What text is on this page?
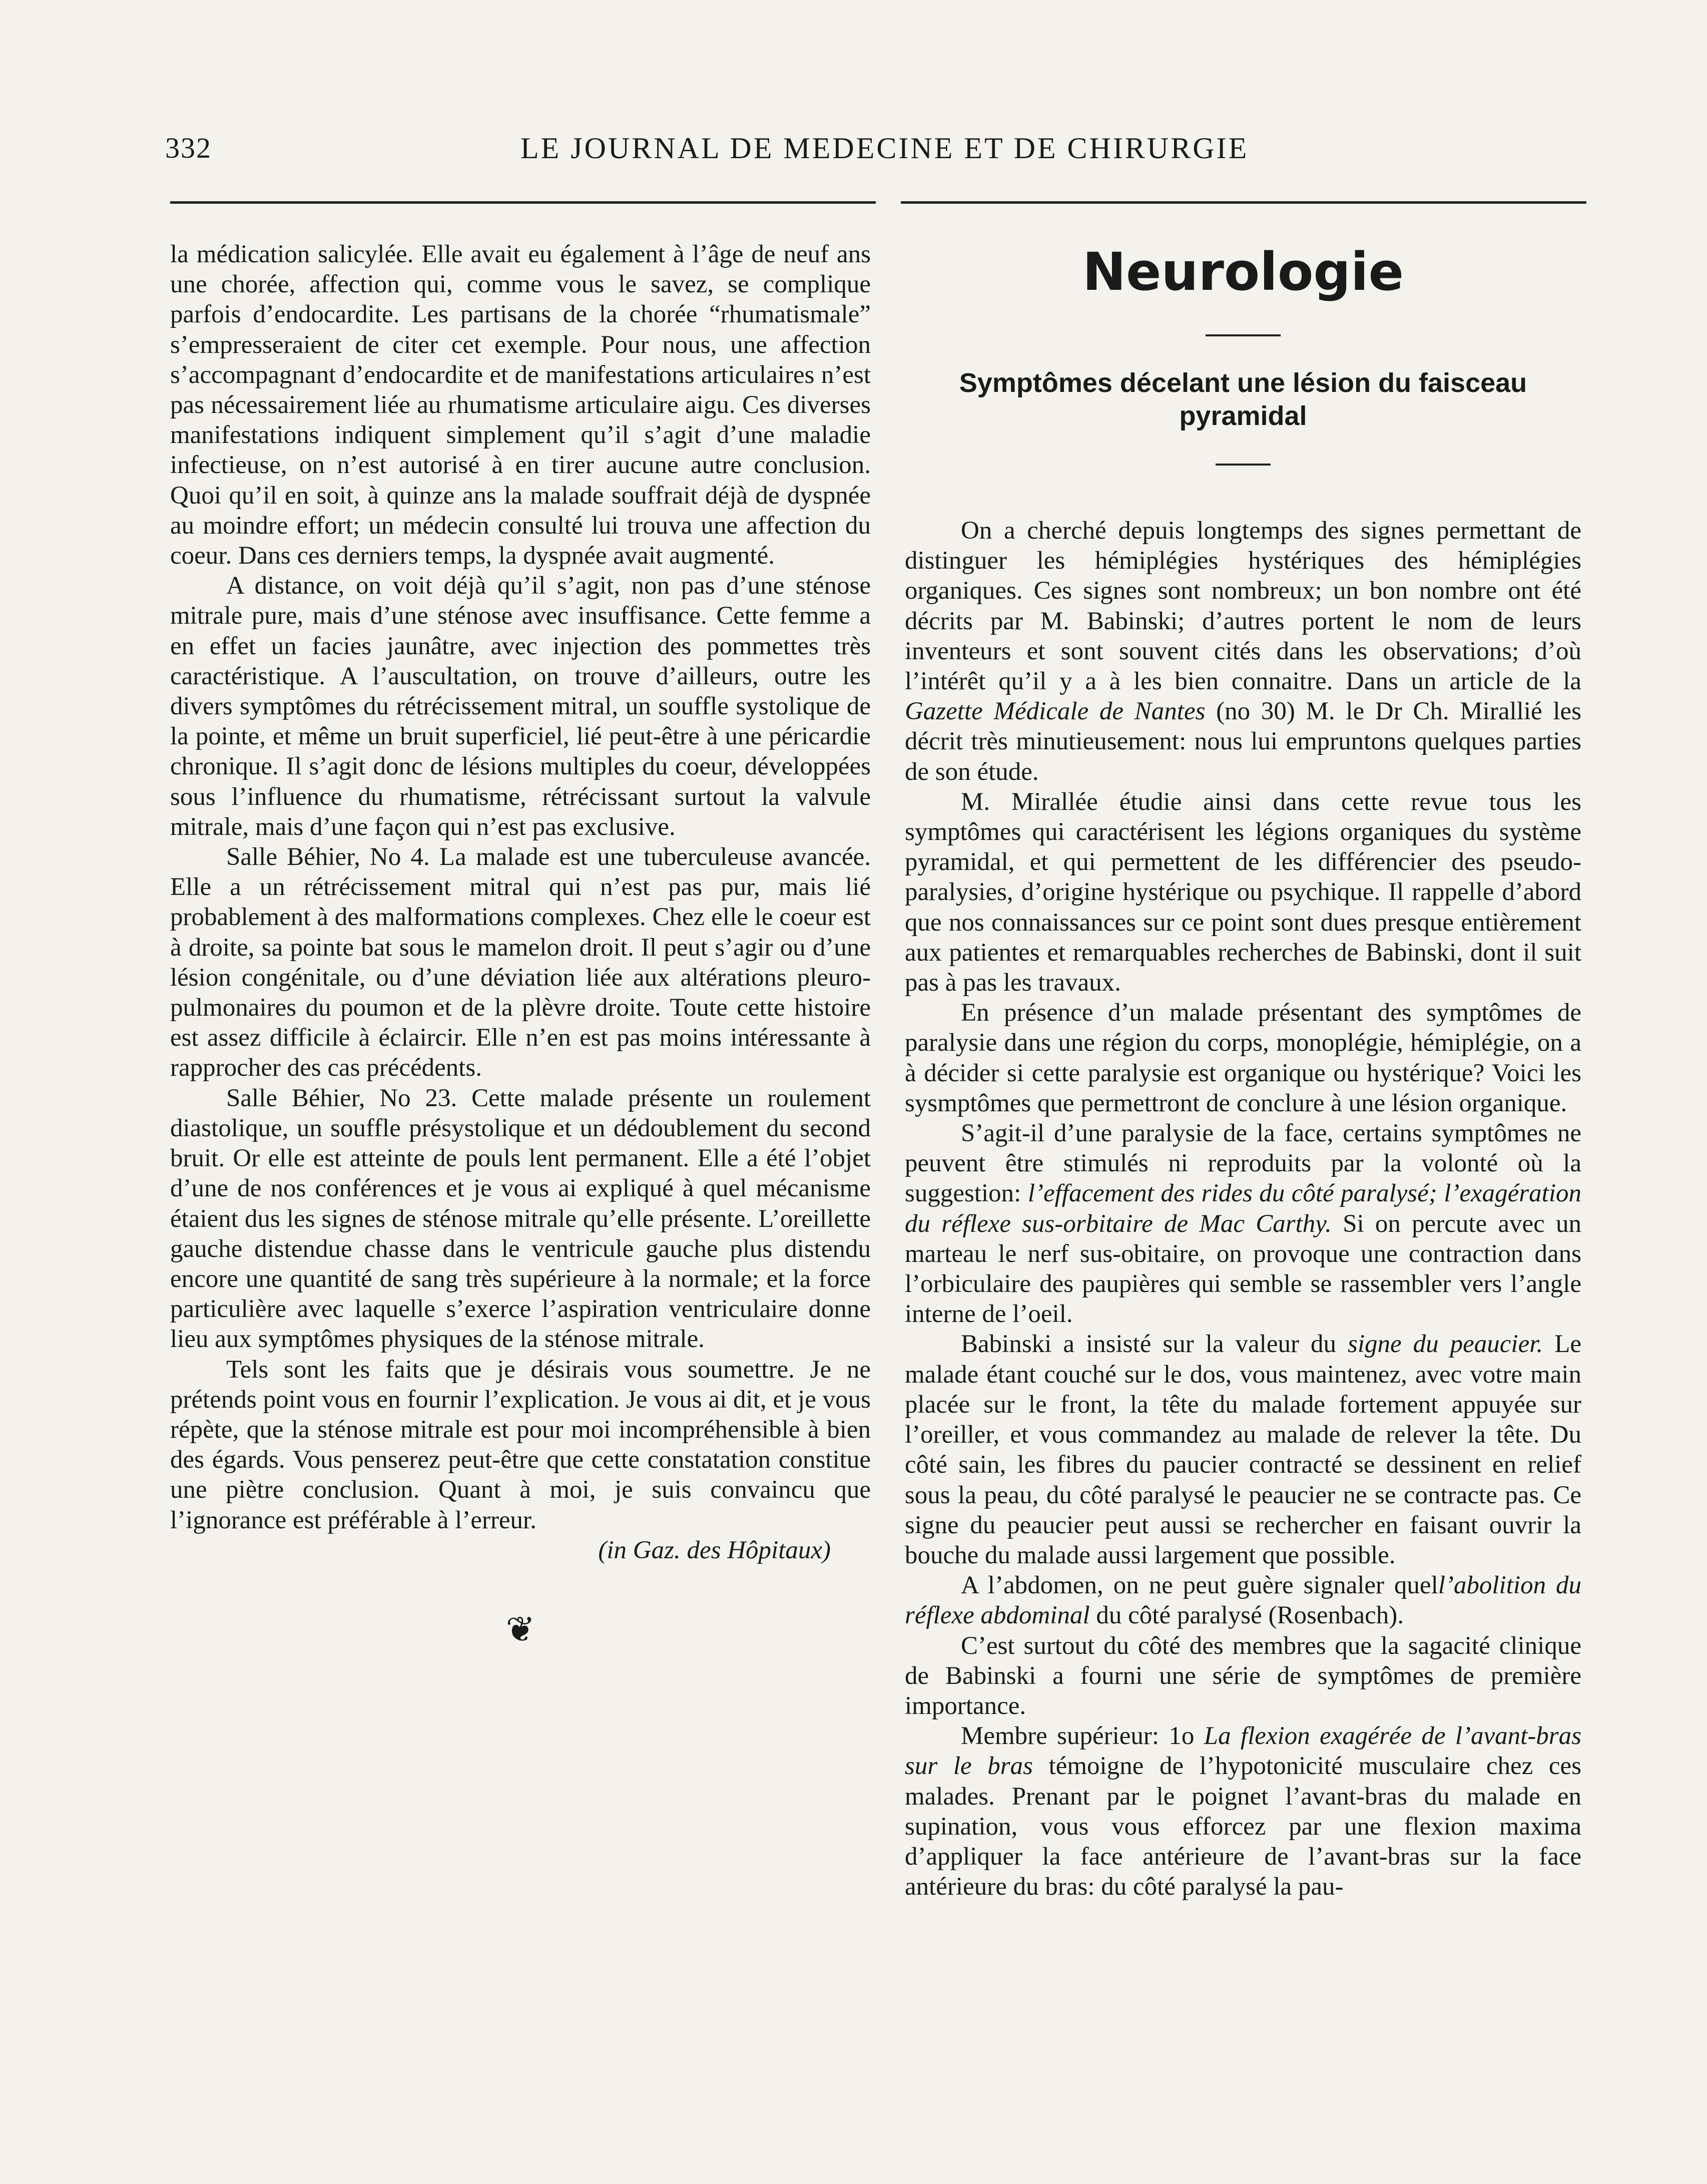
332	LE JOURNAL DE MEDECINE ET DE CHIRURGIE

la médication salicylée. Elle avait eu également à l’âge de neuf ans une chorée, affection qui, comme vous le savez, se complique parfois d’endocardite. Les partisans de la chorée “rhumatismale” s’empresseraient de citer cet exemple. Pour nous, une affection s’accompagnant d’endocardite et de manifestations articulaires n’est pas nécessairement liée au rhumatisme articulaire aigu. Ces diverses manifestations indiquent simplement qu’il s’agit d’une maladie infectieuse, on n’est autorisé à en tirer aucune autre conclusion. Quoi qu’il en soit, à quinze ans la malade souffrait déjà de dyspnée au moindre effort; un médecin consulté lui trouva une affection du coeur. Dans ces derniers temps, la dyspnée avait augmenté.

A distance, on voit déjà qu’il s’agit, non pas d’une sténose mitrale pure, mais d’une sténose avec insuffisance. Cette femme a en effet un facies jaunâtre, avec injection des pommettes très caractéristique. A l’auscultation, on trouve d’ailleurs, outre les divers symptômes du rétrécissement mitral, un souffle systolique de la pointe, et même un bruit superficiel, lié peut-être à une péricardie chronique. Il s’agit donc de lésions multiples du coeur, développées sous l’influence du rhumatisme, rétrécissant surtout la valvule mitrale, mais d’une façon qui n’est pas exclusive.

Salle Béhier, No 4. La malade est une tuberculeuse avancée. Elle a un rétrécissement mitral qui n’est pas pur, mais lié probablement à des malformations complexes. Chez elle le coeur est à droite, sa pointe bat sous le mamelon droit. Il peut s’agir ou d’une lésion congénitale, ou d’une déviation liée aux altérations pleuro-pulmonaires du poumon et de la plèvre droite. Toute cette histoire est assez difficile à éclaircir. Elle n’en est pas moins intéressante à rapprocher des cas précédents.

Salle Béhier, No 23. Cette malade présente un roulement diastolique, un souffle présystolique et un dédoublement du second bruit. Or elle est atteinte de pouls lent permanent. Elle a été l’objet d’une de nos conférences et je vous ai expliqué à quel mécanisme étaient dus les signes de sténose mitrale qu’elle présente. L’oreillette gauche distendue chasse dans le ventricule gauche plus distendu encore une quantité de sang très supérieure à la normale; et la force particulière avec laquelle s’exerce l’aspiration ventriculaire donne lieu aux symptômes physiques de la sténose mitrale.

Tels sont les faits que je désirais vous soumettre. Je ne prétends point vous en fournir l’explication. Je vous ai dit, et je vous répète, que la sténose mitrale est pour moi incompréhensible à bien des égards. Vous penserez peut-être que cette constatation constitue une piètre conclusion. Quant à moi, je suis convaincu que l’ignorance est préférable à l’erreur.

(in Gaz. des Hôpitaux)

❦
Neurologie
Symptômes décelant une lésion du faisceau pyramidal

On a cherché depuis longtemps des signes permettant de distinguer les hémiplégies hystériques des hémiplégies organiques. Ces signes sont nombreux; un bon nombre ont été décrits par M. Babinski; d’autres portent le nom de leurs inventeurs et sont souvent cités dans les observations; d’où l’intérêt qu’il y a à les bien connaitre. Dans un article de la Gazette Médicale de Nantes (no 30) M. le Dr Ch. Mirallié les décrit très minutieusement: nous lui empruntons quelques parties de son étude.

M. Mirallée étudie ainsi dans cette revue tous les symptômes qui caractérisent les légions organiques du système pyramidal, et qui permettent de les différencier des pseudo-paralysies, d’origine hystérique ou psychique. Il rappelle d’abord que nos connaissances sur ce point sont dues presque entièrement aux patientes et remarquables recherches de Babinski, dont il suit pas à pas les travaux.

En présence d’un malade présentant des symptômes de paralysie dans une région du corps, monoplégie, hémiplégie, on a à décider si cette paralysie est organique ou hystérique? Voici les sysmptômes que permettront de conclure à une lésion organique.

S’agit-il d’une paralysie de la face, certains symptômes ne peuvent être stimulés ni reproduits par la volonté où la suggestion: l’effacement des rides du côté paralysé; l’exagération du réflexe sus-orbitaire de Mac Carthy. Si on percute avec un marteau le nerf sus-obitaire, on provoque une contraction dans l’orbiculaire des paupières qui semble se rassembler vers l’angle interne de l’oeil.

Babinski a insisté sur la valeur du signe du peaucier. Le malade étant couché sur le dos, vous maintenez, avec votre main placée sur le front, la tête du malade fortement appuyée sur l’oreiller, et vous commandez au malade de relever la tête. Du côté sain, les fibres du paucier contracté se dessinent en relief sous la peau, du côté paralysé le peaucier ne se contracte pas. Ce signe du peaucier peut aussi se rechercher en faisant ouvrir la bouche du malade aussi largement que possible.

A l’abdomen, on ne peut guère signaler quell’abolition du réflexe abdominal du côté paralysé (Rosenbach).

C’est surtout du côté des membres que la sagacité clinique de Babinski a fourni une série de symptômes de première importance.

Membre supérieur: 1o La flexion exagérée de l’avant-bras sur le bras témoigne de l’hypotonicité musculaire chez ces malades. Prenant par le poignet l’avant-bras du malade en supination, vous vous efforcez par une flexion maxima d’appliquer la face antérieure de l’avant-bras sur la face antérieure du bras: du côté paralysé la pau-
